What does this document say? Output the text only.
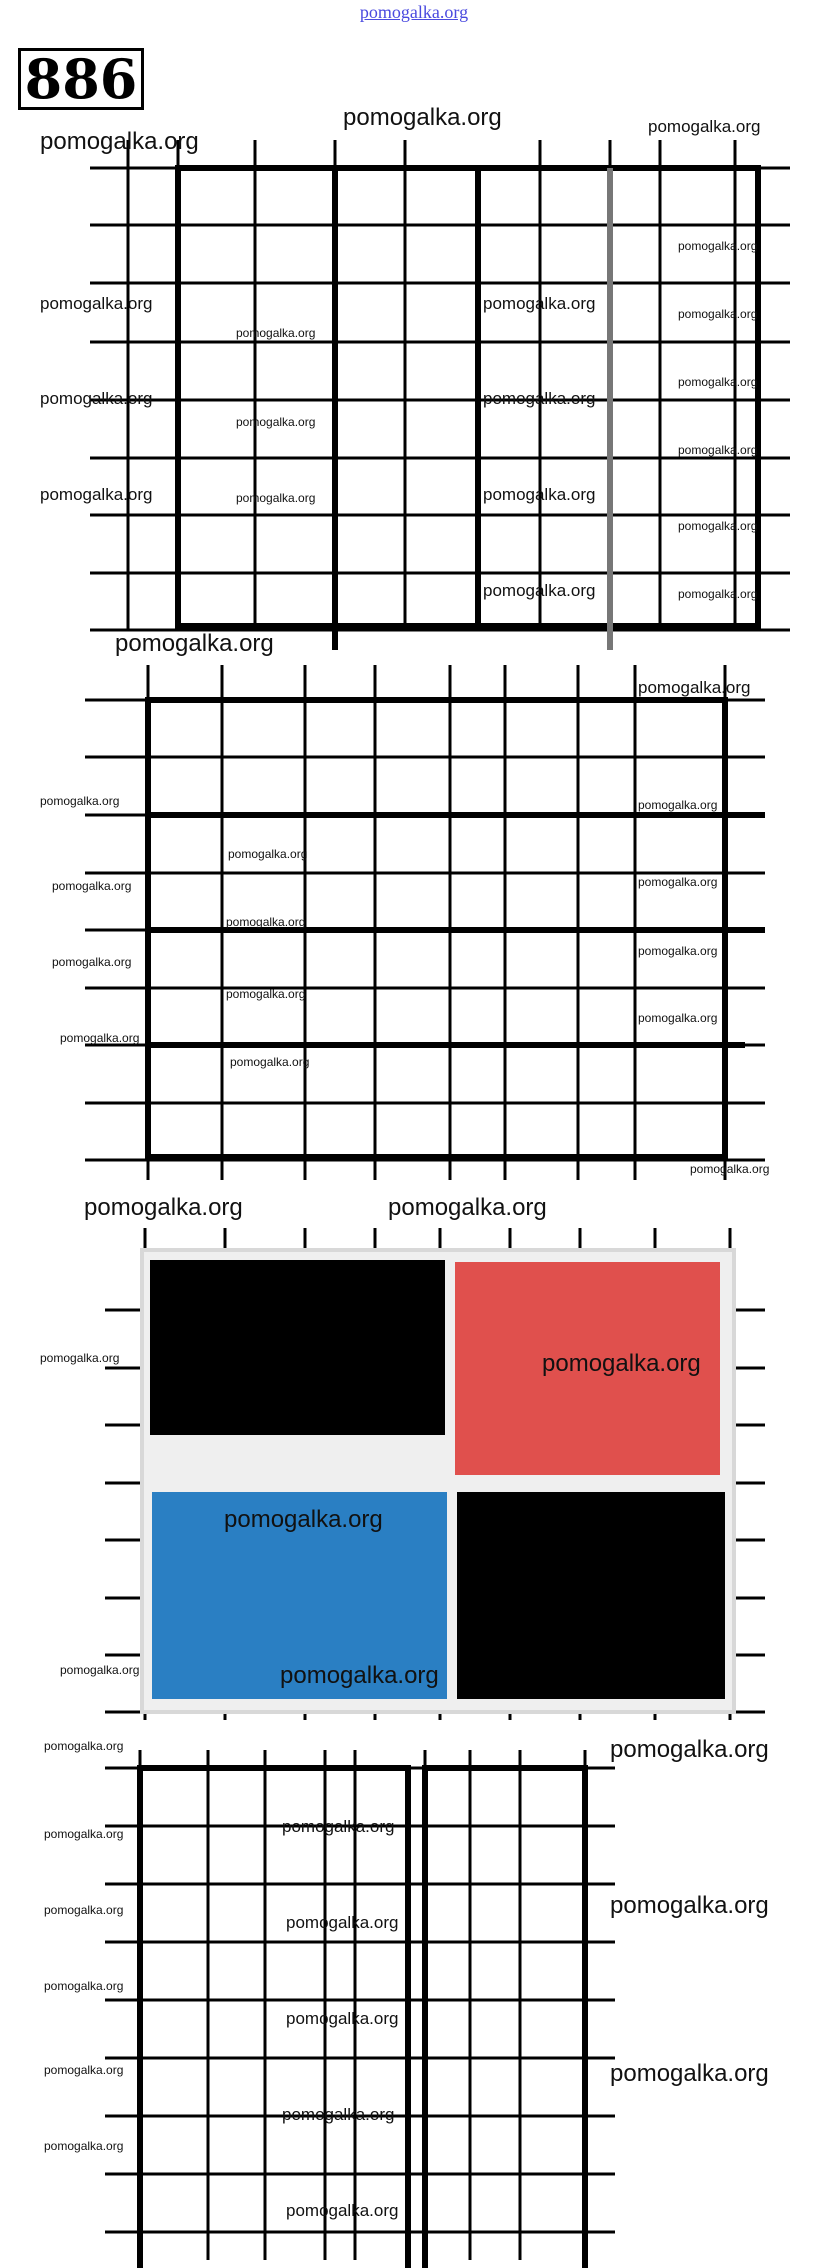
pomogalka.org
886
pomogalka.org
pomogalka.org	pomogalka.org
pomogalka.org
pomogalka.org	pomogalka.org
pomogalka.org
pomogalka.org
pomogalka.org
pomogalka.org	pomogalka.org
pomogalka.org
pomogalka.org
pomogalka.org	pomogalka.org
pomogalka.org
pomogalka.org
pomogalka.org	pomogalka.org
pomogalka.org
pomogalka.org
pomogalka.org	pomogalka.org
pomogalka.org
pomogalka.org	pomogalka.org
pomogalka.org
pomogalka.org
pomogalka.org
pomogalka.org
pomogalka.org
pomogalka.org
pomogalka.org
pomogalka.org
pomogalka.org	pomogalka.org
pomogalka.org	pomogalka.org
pomogalka.org
pomogalka.org	pomogalka.org
pomogalka.org	pomogalka.org
pomogalka.org
pomogalka.org
pomogalka.org
pomogalka.org
pomogalka.org
pomogalka.org
pomogalka.org
pomogalka.org
pomogalka.org
pomogalka.org
pomogalka.org
pomogalka.org
